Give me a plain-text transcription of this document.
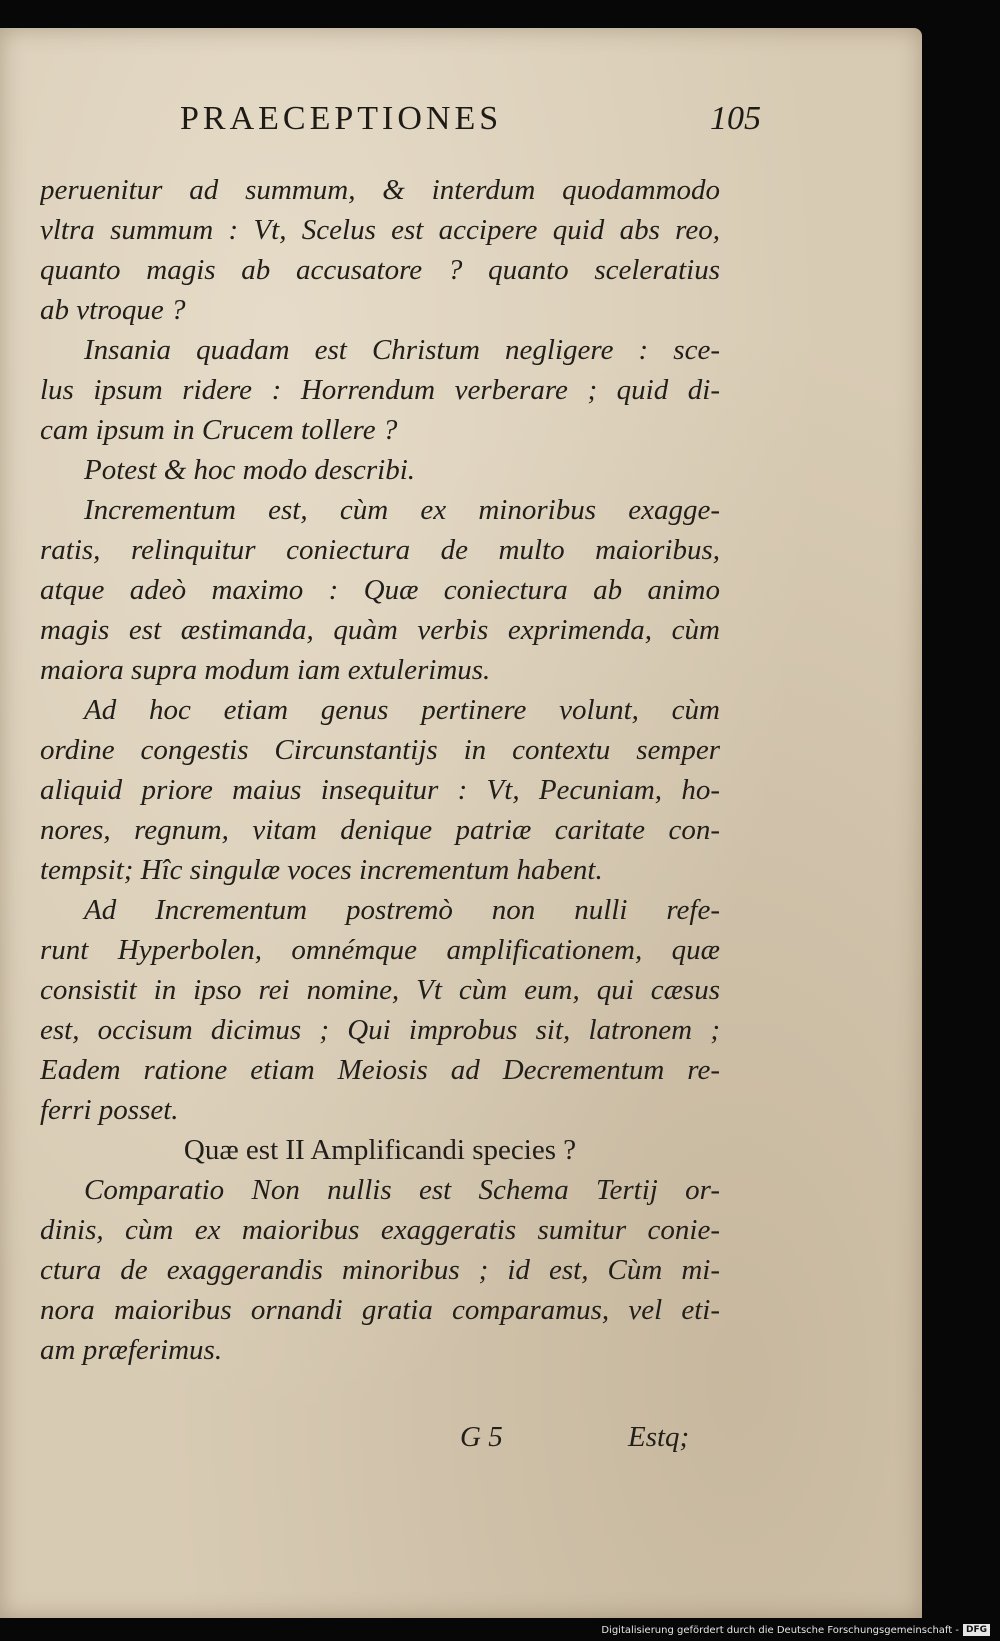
PRAECEPTIONES	105
peruenitur ad summum, & interdum quodammodo
vltra summum : Vt, Scelus est accipere quid abs reo,
quanto magis ab accusatore ? quanto sceleratius
ab vtroque ?
Insania quadam est Christum negligere : sce-
lus ipsum ridere : Horrendum verberare ; quid di-
cam ipsum in Crucem tollere ?
Potest & hoc modo describi.
Incrementum est, cùm ex minoribus exagge-
ratis, relinquitur coniectura de multo maioribus,
atque adeò maximo : Quæ coniectura ab animo
magis est æstimanda, quàm verbis exprimenda, cùm
maiora supra modum iam extulerimus.
Ad hoc etiam genus pertinere volunt, cùm
ordine congestis Circunstantijs in contextu semper
aliquid priore maius insequitur : Vt, Pecuniam, ho-
nores, regnum, vitam denique patriæ caritate con-
tempsit; Hîc singulæ voces incrementum habent.
Ad Incrementum postremò non nulli refe-
runt Hyperbolen, omnémque amplificationem, quæ
consistit in ipso rei nomine, Vt cùm eum, qui cæsus
est, occisum dicimus ; Qui improbus sit, latronem ;
Eadem ratione etiam Meiosis ad Decrementum re-
ferri posset.
Quæ est II Amplificandi species ?
Comparatio Non nullis est Schema Tertij or-
dinis, cùm ex maioribus exaggeratis sumitur conie-
ctura de exaggerandis minoribus ; id est, Cùm mi-
nora maioribus ornandi gratia comparamus, vel eti-
am præferimus.
G 5	Estq;
Digitalisierung gefördert durch die Deutsche Forschungsgemeinschaft - DFG
